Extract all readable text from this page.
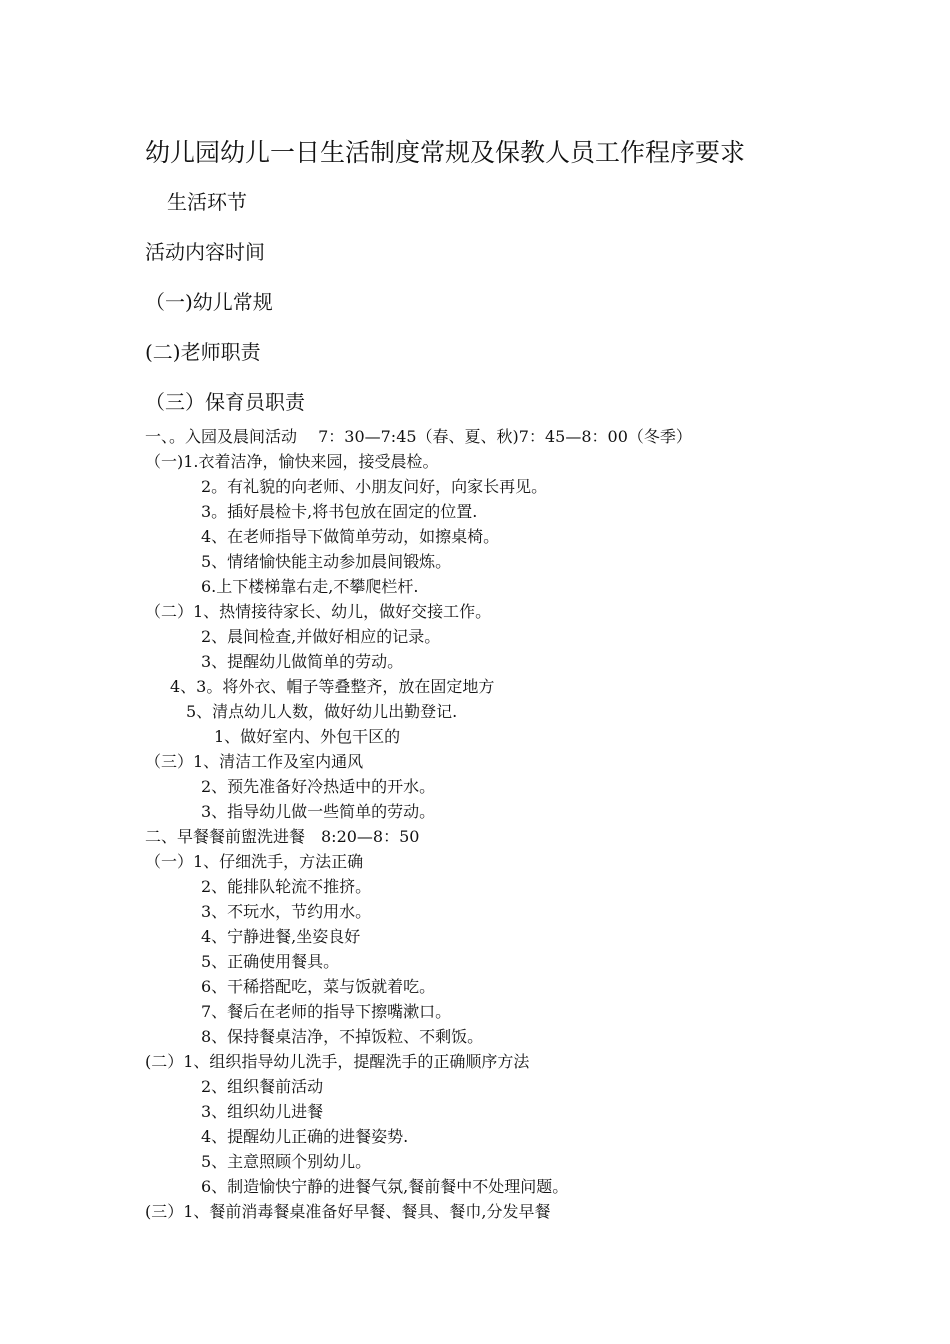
幼儿园幼儿一日生活制度常规及保教人员工作程序要求
生活环节
活动内容时间
（一)幼儿常规
(二)老师职责
（三）保育员职责
一、。入园及晨间活动　 7：30—7:45（春、夏、秋)7：45—8：00（冬季）
（一)1.衣着洁净，愉快来园，接受晨检。
2。有礼貌的向老师、小朋友问好，向家长再见。
3。插好晨检卡,将书包放在固定的位置.
4、在老师指导下做简单劳动，如擦桌椅。
5、情绪愉快能主动参加晨间锻炼。
6.上下楼梯靠右走,不攀爬栏杆.
（二）1、热情接待家长、幼儿，做好交接工作。
2、晨间检查,并做好相应的记录。
3、提醒幼儿做简单的劳动。
4、3。将外衣、帽子等叠整齐，放在固定地方
5、清点幼儿人数，做好幼儿出勤登记.
1、做好室内、外包干区的
（三）1、清洁工作及室内通风
2、预先准备好冷热适中的开水。
3、指导幼儿做一些简单的劳动。
二、早餐餐前盥洗进餐　8:20—8：50
（一）1、仔细洗手，方法正确
2、能排队轮流不推挤。
3、不玩水，节约用水。
4、宁静进餐,坐姿良好
5、正确使用餐具。
6、干稀搭配吃，菜与饭就着吃。
7、餐后在老师的指导下擦嘴漱口。
8、保持餐桌洁净，不掉饭粒、不剩饭。
(二）1、组织指导幼儿洗手，提醒洗手的正确顺序方法
2、组织餐前活动
3、组织幼儿进餐
4、提醒幼儿正确的进餐姿势.
5、主意照顾个别幼儿。
6、制造愉快宁静的进餐气氛,餐前餐中不处理问题。
(三）1、餐前消毒餐桌准备好早餐、餐具、餐巾,分发早餐
